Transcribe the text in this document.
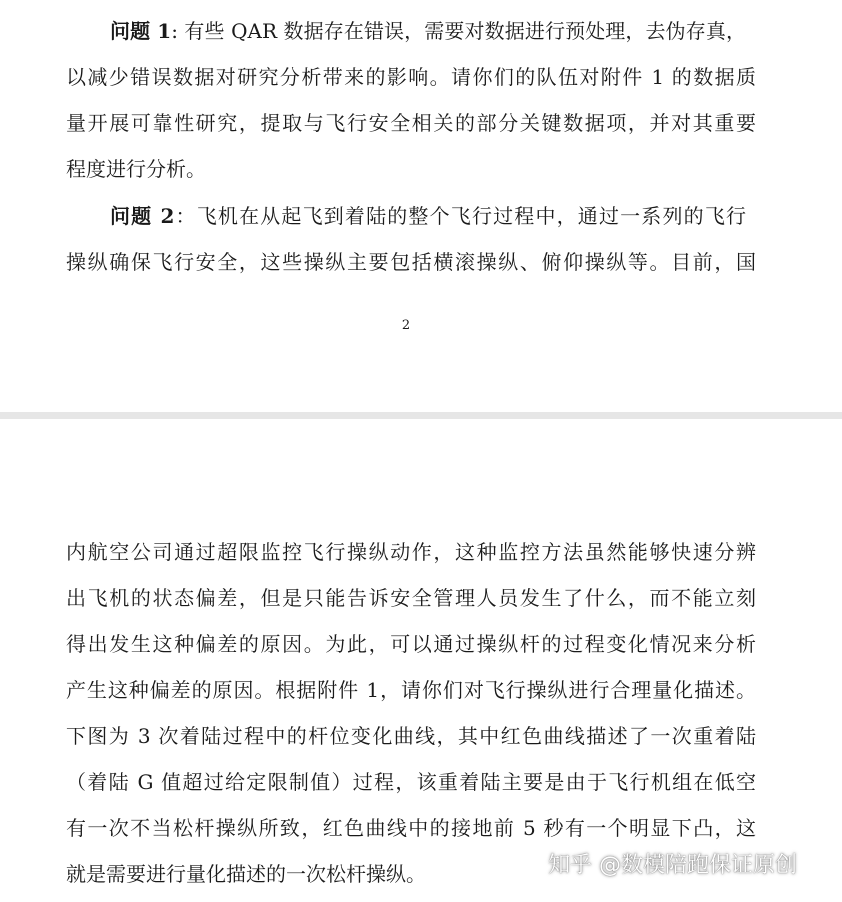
问题 1: 有些 QAR 数据存在错误，需要对数据进行预处理，去伪存真，
以减少错误数据对研究分析带来的影响。请你们的队伍对附件 1 的数据质
量开展可靠性研究，提取与飞行安全相关的部分关键数据项，并对其重要
程度进行分析。
问题 2：飞机在从起飞到着陆的整个飞行过程中，通过一系列的飞行
操纵确保飞行安全，这些操纵主要包括横滚操纵、俯仰操纵等。目前，国
2
内航空公司通过超限监控飞行操纵动作，这种监控方法虽然能够快速分辨
出飞机的状态偏差，但是只能告诉安全管理人员发生了什么，而不能立刻
得出发生这种偏差的原因。为此，可以通过操纵杆的过程变化情况来分析
产生这种偏差的原因。根据附件 1，请你们对飞行操纵进行合理量化描述。
下图为 3 次着陆过程中的杆位变化曲线，其中红色曲线描述了一次重着陆
（着陆 G 值超过给定限制值）过程，该重着陆主要是由于飞行机组在低空
有一次不当松杆操纵所致，红色曲线中的接地前 5 秒有一个明显下凸，这
就是需要进行量化描述的一次松杆操纵。	知乎 @数模陪跑保证原创
